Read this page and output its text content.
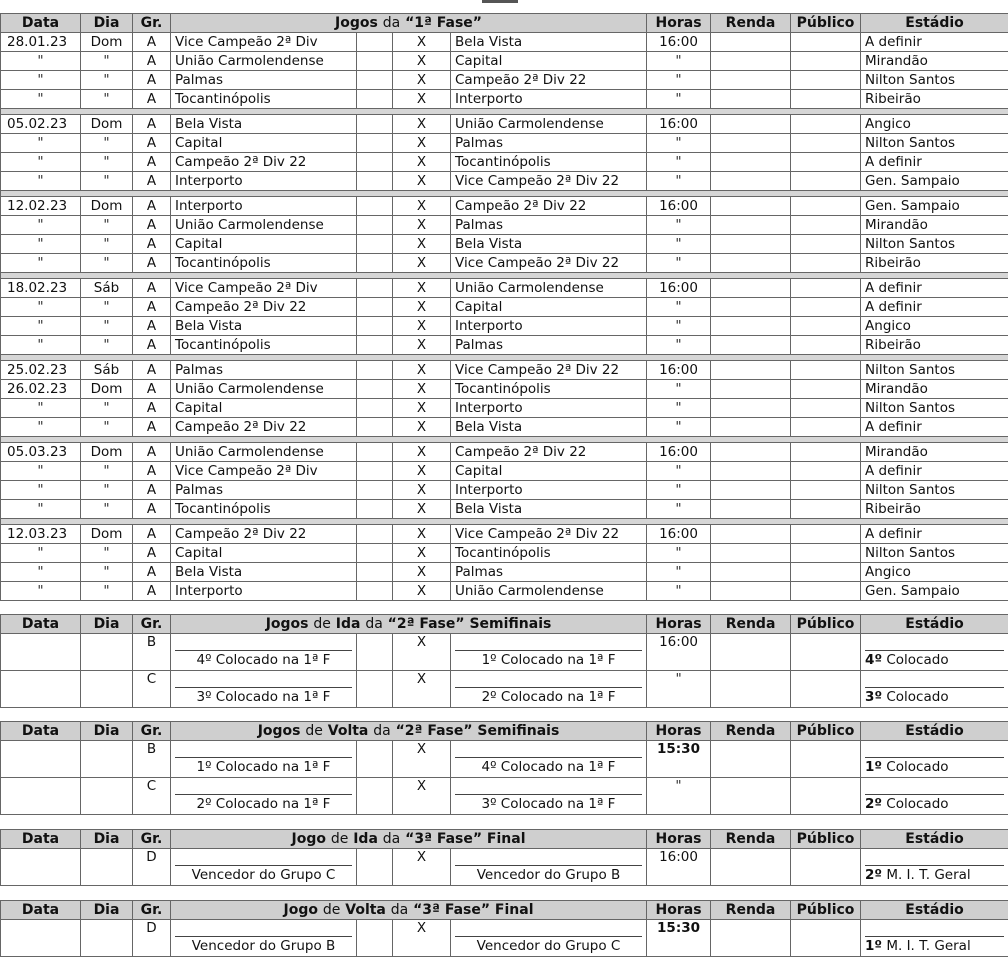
Data	Dia	Gr.	Jogos da “1ª Fase”				Horas	Renda	Público	Estádio
28.01.23	Dom	A	Vice Campeão 2ª Div		X	Bela Vista	16:00			A definir
"	"	A	União Carmolendense		X	Capital	"			Mirandão
"	"	A	Palmas		X	Campeão 2ª Div 22	"			Nilton Santos
"	"	A	Tocantinópolis		X	Interporto	"			Ribeirão

05.02.23	Dom	A	Bela Vista		X	União Carmolendense	16:00			Angico
"	"	A	Capital		X	Palmas	"			Nilton Santos
"	"	A	Campeão 2ª Div 22		X	Tocantinópolis	"			A definir
"	"	A	Interporto		X	Vice Campeão 2ª Div 22	"			Gen. Sampaio

12.02.23	Dom	A	Interporto		X	Campeão 2ª Div 22	16:00			Gen. Sampaio
"	"	A	União Carmolendense		X	Palmas	"			Mirandão
"	"	A	Capital		X	Bela Vista	"			Nilton Santos
"	"	A	Tocantinópolis		X	Vice Campeão 2ª Div 22	"			Ribeirão

18.02.23	Sáb	A	Vice Campeão 2ª Div		X	União Carmolendense	16:00			A definir
"	"	A	Campeão 2ª Div 22		X	Capital	"			A definir
"	"	A	Bela Vista		X	Interporto	"			Angico
"	"	A	Tocantinópolis		X	Palmas	"			Ribeirão

25.02.23	Sáb	A	Palmas		X	Vice Campeão 2ª Div 22	16:00			Nilton Santos
26.02.23	Dom	A	União Carmolendense		X	Tocantinópolis	"			Mirandão
"	"	A	Capital		X	Interporto	"			Nilton Santos
"	"	A	Campeão 2ª Div 22		X	Bela Vista	"			A definir

05.03.23	Dom	A	União Carmolendense		X	Campeão 2ª Div 22	16:00			Mirandão
"	"	A	Vice Campeão 2ª Div		X	Capital	"			A definir
"	"	A	Palmas		X	Interporto	"			Nilton Santos
"	"	A	Tocantinópolis		X	Bela Vista	"			Ribeirão

12.03.23	Dom	A	Campeão 2ª Div 22		X	Vice Campeão 2ª Div 22	16:00			A definir
"	"	A	Capital		X	Tocantinópolis	"			Nilton Santos
"	"	A	Bela Vista		X	Palmas	"			Angico
"	"	A	Interporto		X	União Carmolendense	"			Gen. Sampaio
Data	Dia	Gr.	Jogos de Ida da “2ª Fase” Semifinais				Horas	Renda	Público	Estádio
		B	4º Colocado na 1ª F		X	1º Colocado na 1ª F	16:00			4º Colocado

		C	3º Colocado na 1ª F		X	2º Colocado na 1ª F	"			3º Colocado
Data	Dia	Gr.	Jogos de Volta da “2ª Fase” Semifinais				Horas	Renda	Público	Estádio
		B	1º Colocado na 1ª F		X	4º Colocado na 1ª F	15:30			1º Colocado

		C	2º Colocado na 1ª F		X	3º Colocado na 1ª F	"			2º Colocado
Data	Dia	Gr.	Jogo de Ida da “3ª Fase” Final				Horas	Renda	Público	Estádio
		D	Vencedor do Grupo C		X	Vencedor do Grupo B	16:00			2º M. I. T. Geral
Data	Dia	Gr.	Jogo de Volta da “3ª Fase” Final				Horas	Renda	Público	Estádio
		D	Vencedor do Grupo B		X	Vencedor do Grupo C	15:30			1º M. I. T. Geral
